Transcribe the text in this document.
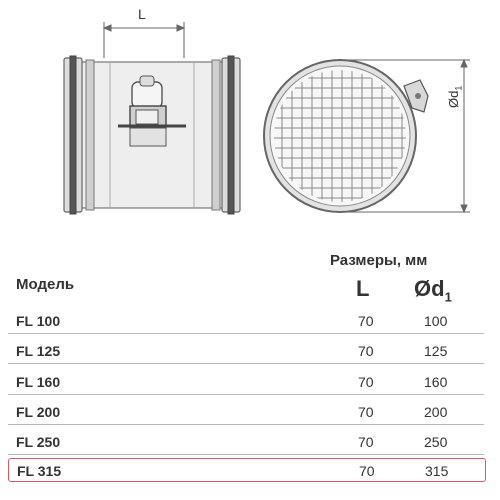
L
$Ød_1$
Размеры, мм
Модель	L $Ød_1$
FL 100	70	100
FL 125	70	125
FL 160	70	160
FL 200	70	200
FL 250	70	250
FL 315	70	315
